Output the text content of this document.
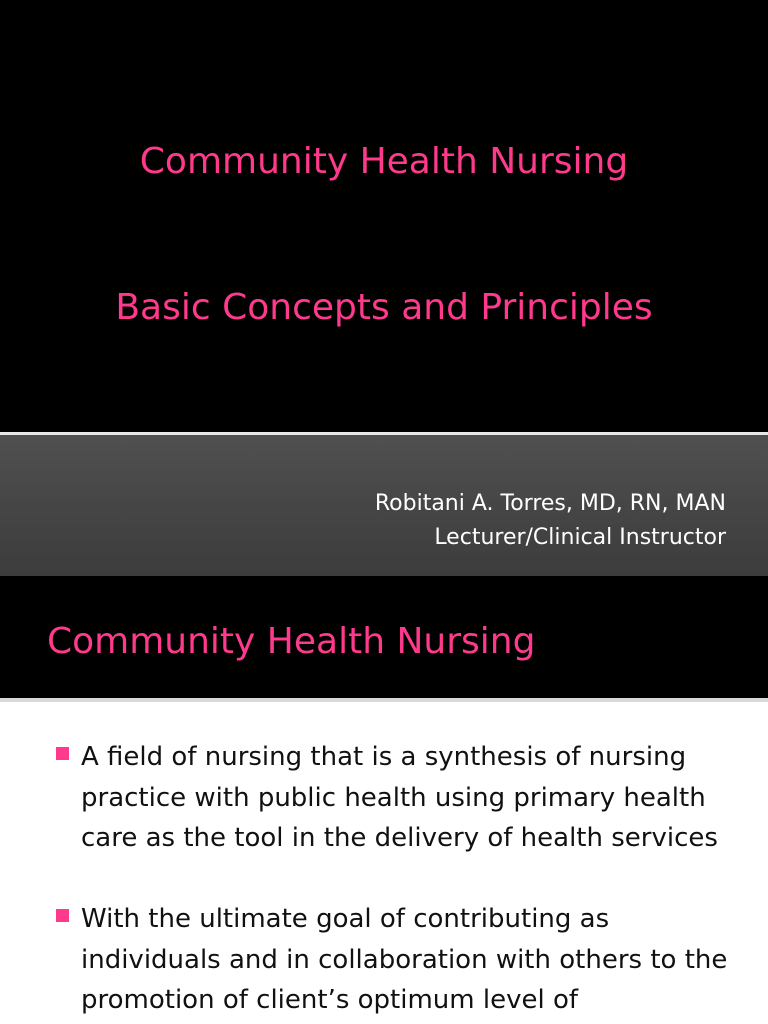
Community Health Nursing
Basic Concepts and Principles
Robitani A. Torres, MD, RN, MAN
Lecturer/Clinical Instructor
Community Health Nursing
A field of nursing that is a synthesis of nursing practice with public health using primary health care as the tool in the delivery of health services
With the ultimate goal of contributing as individuals and in collaboration with others to the promotion of client’s optimum level of
